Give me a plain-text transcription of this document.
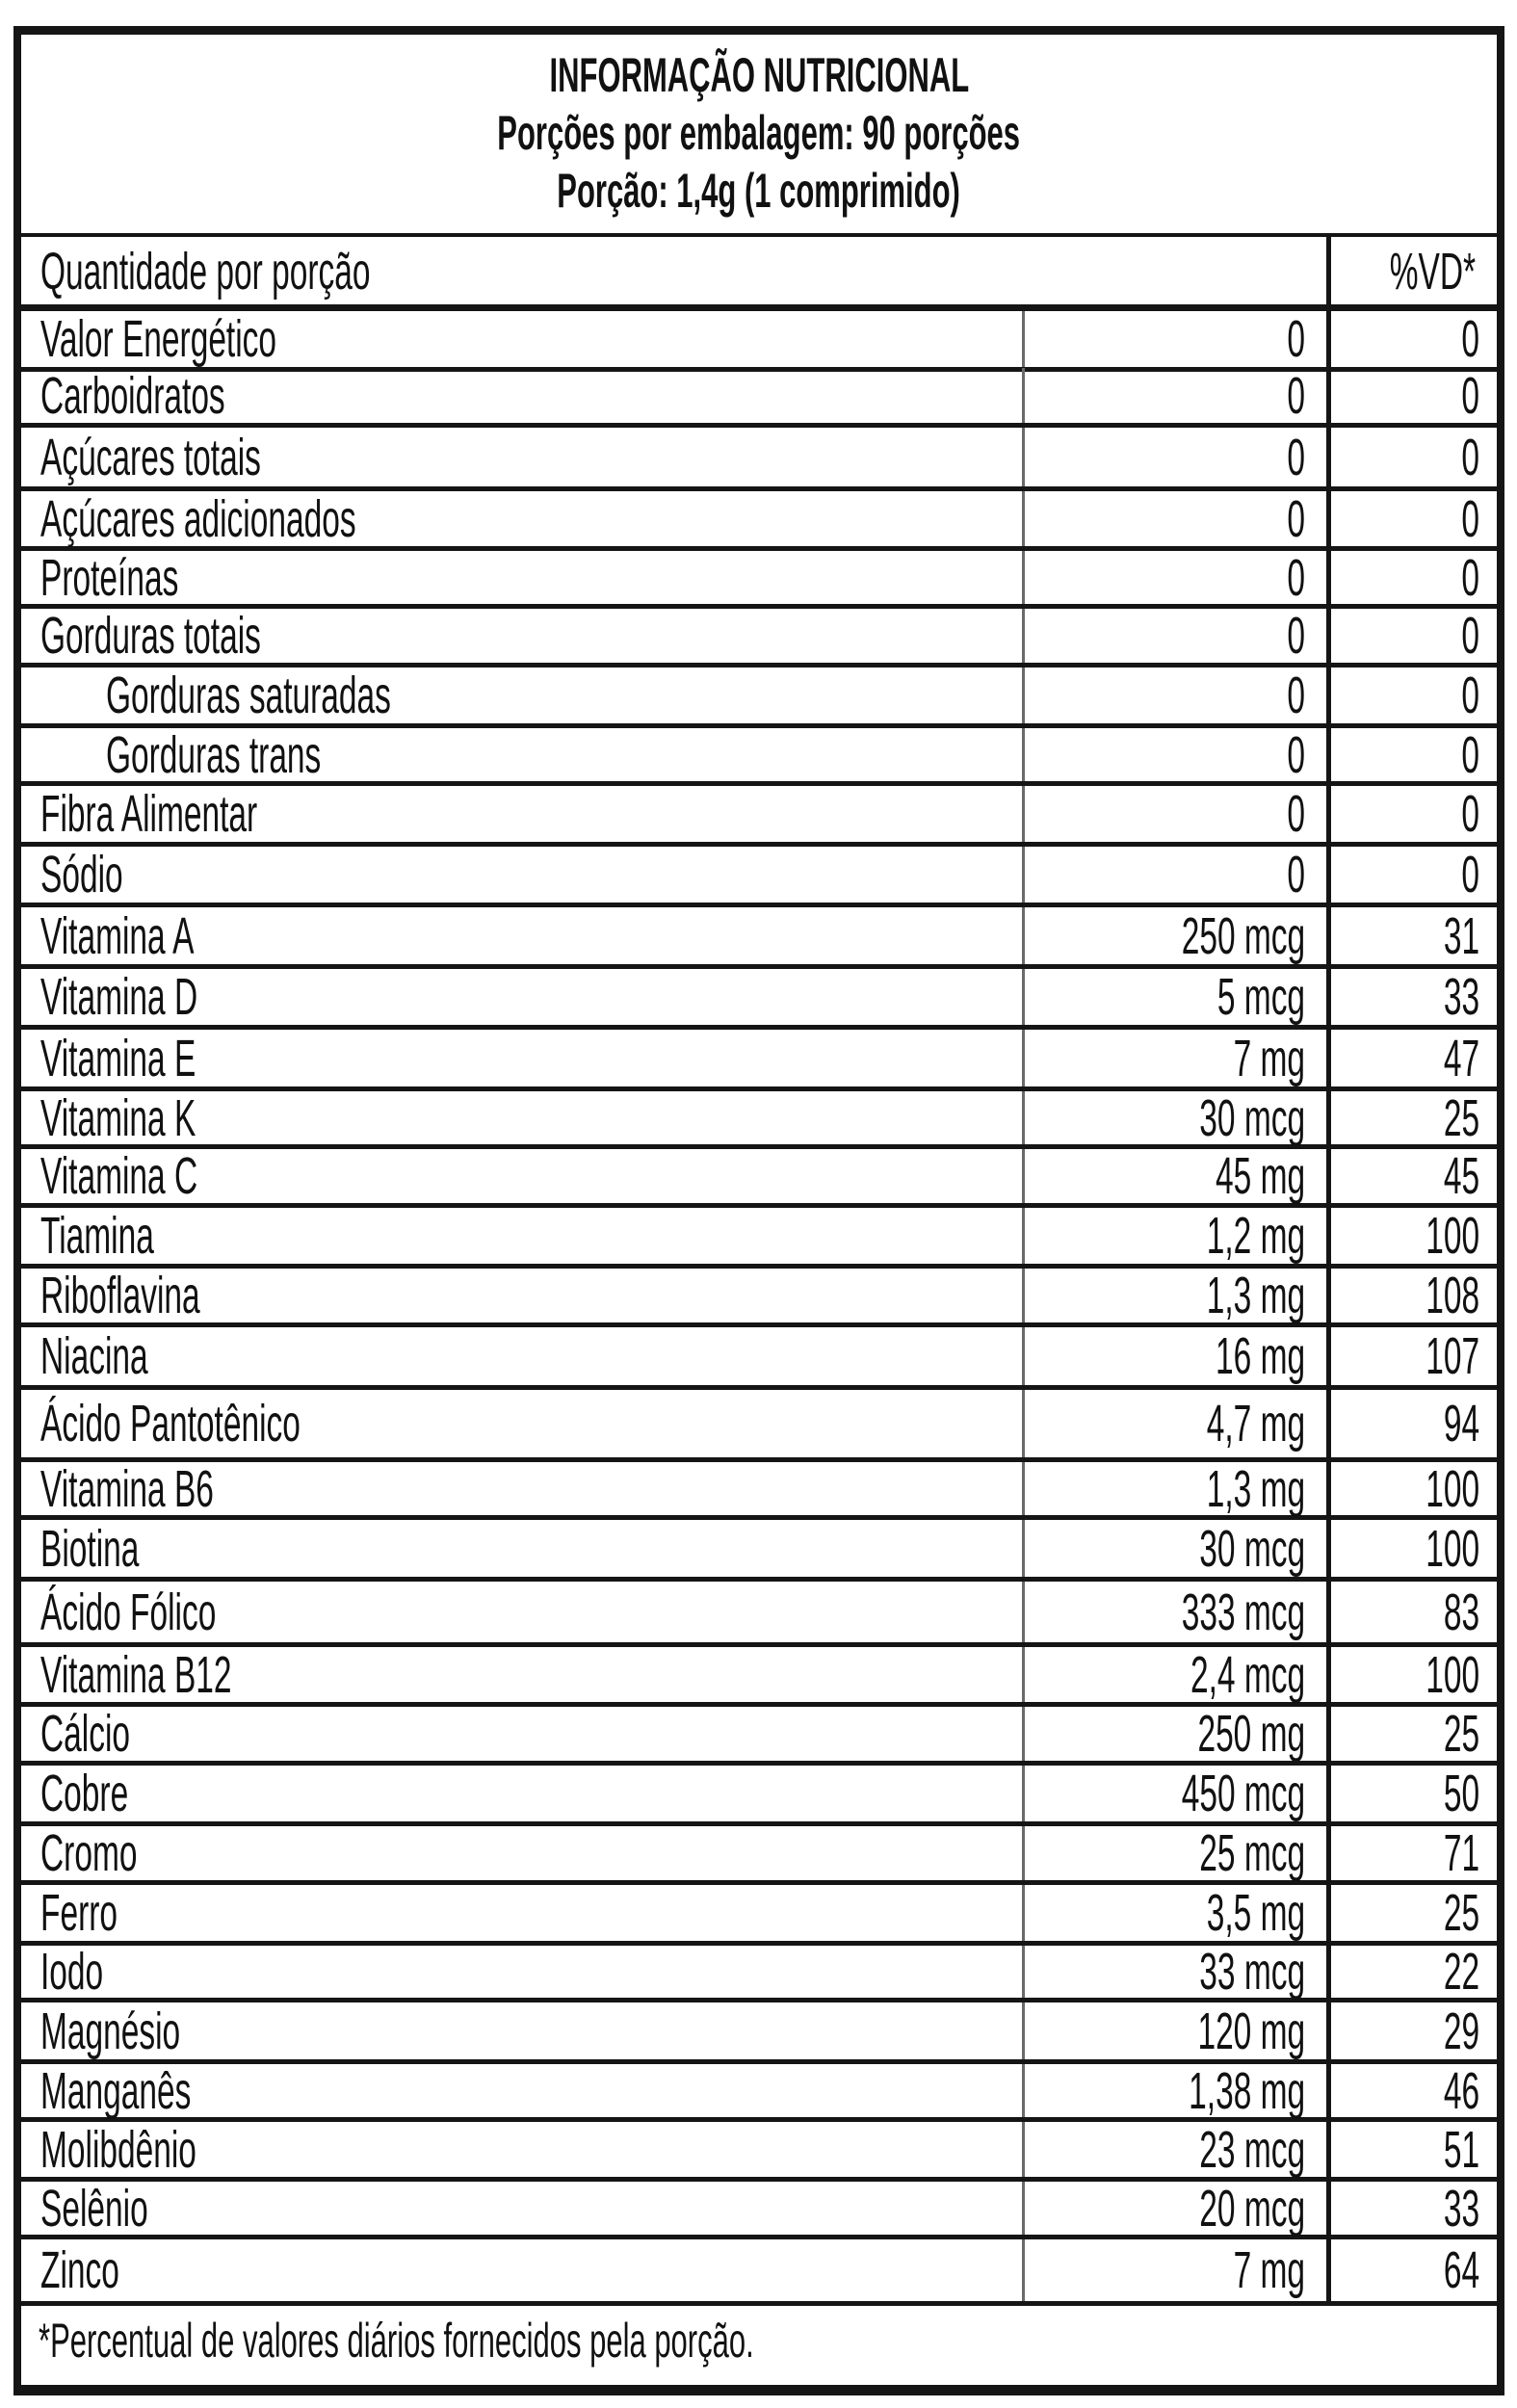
INFORMAÇÃO NUTRICIONAL
Porções por embalagem: 90 porções
Porção: 1,4g (1 comprimido)
Quantidade por porção	%VD*
Valor Energético	0	0
Carboidratos	0	0
Açúcares totais	0	0
Açúcares adicionados	0	0
Proteínas	0	0
Gorduras totais	0	0
Gorduras saturadas	0	0
Gorduras trans	0	0
Fibra Alimentar	0	0
Sódio	0	0
Vitamina A	250 mcg	31
Vitamina D	5 mcg	33
Vitamina E	7 mg	47
Vitamina K	30 mcg	25
Vitamina C	45 mg	45
Tiamina	1,2 mg 100
Riboflavina	1,3 mg 108
Niacina	16 mg 107
Ácido Pantotênico	4,7 mg	94
Vitamina B6	1,3 mg 100
Biotina	30 mcg 100
Ácido Fólico	333 mcg	83
Vitamina B12	2,4 mcg 100
Cálcio	250 mg	25
Cobre	450 mcg	50
Cromo	25 mcg	71
Ferro	3,5 mg	25
Iodo	33 mcg	22
Magnésio	120 mg	29
Manganês	1,38 mg	46
Molibdênio	23 mcg	51
Selênio	20 mcg	33
Zinco	7 mg	64
*Percentual de valores diários fornecidos pela porção.
